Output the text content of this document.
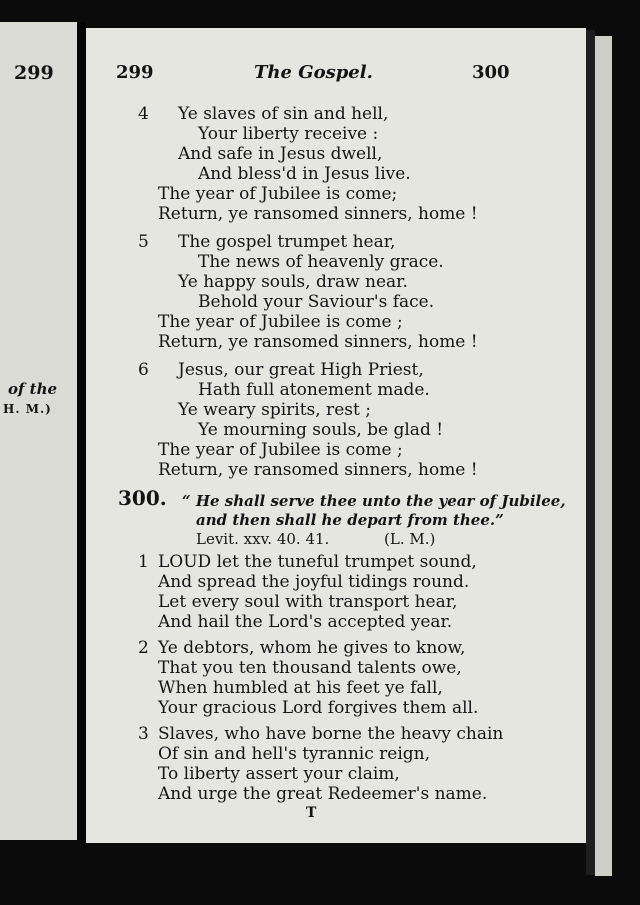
299
of the
H. M.)
299	The Gospel.	300
4 Ye slaves of sin and hell,
Your liberty receive :
And safe in Jesus dwell,
And bless'd in Jesus live.
The year of Jubilee is come;
Return, ye ransomed sinners, home !
5 The gospel trumpet hear,
The news of heavenly grace.
Ye happy souls, draw near.
Behold your Saviour's face.
The year of Jubilee is come ;
Return, ye ransomed sinners, home !
6 Jesus, our great High Priest,
Hath full atonement made.
Ye weary spirits, rest ;
Ye mourning souls, be glad !
The year of Jubilee is come ;
Return, ye ransomed sinners, home !
300. “ He shall serve thee unto the year of Jubilee,
and then shall he depart from thee.”
Levit. xxv. 40. 41.	(L. M.)
1 LOUD let the tuneful trumpet sound,
And spread the joyful tidings round.
Let every soul with transport hear,
And hail the Lord's accepted year.
2 Ye debtors, whom he gives to know,
That you ten thousand talents owe,
When humbled at his feet ye fall,
Your gracious Lord forgives them all.
3 Slaves, who have borne the heavy chain
Of sin and hell's tyrannic reign,
To liberty assert your claim,
And urge the great Redeemer's name.
T
